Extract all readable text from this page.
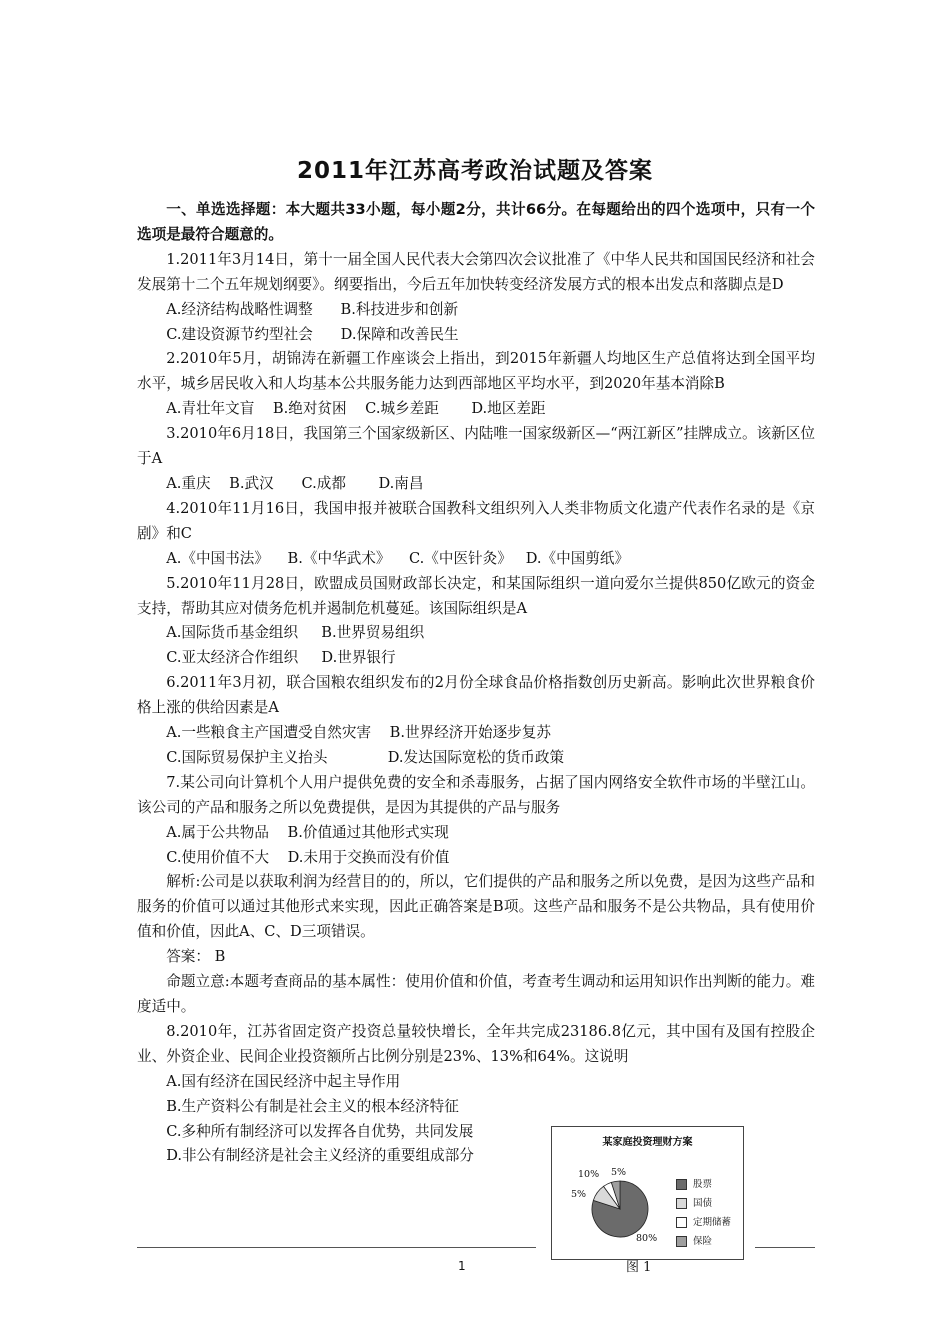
2011年江苏高考政治试题及答案

一、单选选择题：本大题共33小题，每小题2分，共计66分。在每题给出的四个选项中，只有一个选项是最符合题意的。

1.2011年3月14日，第十一届全国人民代表大会第四次会议批准了《中华人民共和国国民经济和社会发展第十二个五年规划纲要》。纲要指出，今后五年加快转变经济发展方式的根本出发点和落脚点是D

A.经济结构战略性调整      B.科技进步和创新

C.建设资源节约型社会      D.保障和改善民生

2.2010年5月，胡锦涛在新疆工作座谈会上指出，到2015年新疆人均地区生产总值将达到全国平均水平，城乡居民收入和人均基本公共服务能力达到西部地区平均水平，到2020年基本消除B

A.青壮年文盲    B.绝对贫困    C.城乡差距       D.地区差距

3.2010年6月18日，我国第三个国家级新区、内陆唯一国家级新区—“两江新区”挂牌成立。该新区位于A

A.重庆    B.武汉      C.成都       D.南昌

4.2010年11月16日，我国申报并被联合国教科文组织列入人类非物质文化遗产代表作名录的是《京剧》和C

A.《中国书法》    B.《中华武术》    C.《中医针灸》   D.《中国剪纸》

5.2010年11月28日，欧盟成员国财政部长决定，和某国际组织一道向爱尔兰提供850亿欧元的资金支持，帮助其应对债务危机并遏制危机蔓延。该国际组织是A

A.国际货币基金组织     B.世界贸易组织

C.亚太经济合作组织     D.世界银行

6.2011年3月初，联合国粮农组织发布的2月份全球食品价格指数创历史新高。影响此次世界粮食价格上涨的供给因素是A

A.一些粮食主产国遭受自然灾害    B.世界经济开始逐步复苏

C.国际贸易保护主义抬头             D.发达国际宽松的货币政策

7.某公司向计算机个人用户提供免费的安全和杀毒服务，占据了国内网络安全软件市场的半壁江山。该公司的产品和服务之所以免费提供，是因为其提供的产品与服务

A.属于公共物品    B.价值通过其他形式实现

C.使用价值不大    D.未用于交换而没有价值

解析:公司是以获取利润为经营目的的，所以，它们提供的产品和服务之所以免费，是因为这些产品和服务的价值可以通过其他形式来实现，因此正确答案是B项。这些产品和服务不是公共物品，具有使用价值和价值，因此A、C、D三项错误。

答案： B

命题立意:本题考查商品的基本属性：使用价值和价值，考查考生调动和运用知识作出判断的能力。难度适中。

8.2010年，江苏省固定资产投资总量较快增长，全年共完成23186.8亿元，其中国有及国有控股企业、外资企业、民间企业投资额所占比例分别是23%、13%和64%。这说明

A.国有经济在国民经济中起主导作用

B.生产资料公有制是社会主义的根本经济特征

C.多种所有制经济可以发挥各自优势，共同发展

D.非公有制经济是社会主义经济的重要组成部分

某家庭投资理财方案
股票
国债
定期储蓄
保险
10% 5%
5%
80%
图 1
1
